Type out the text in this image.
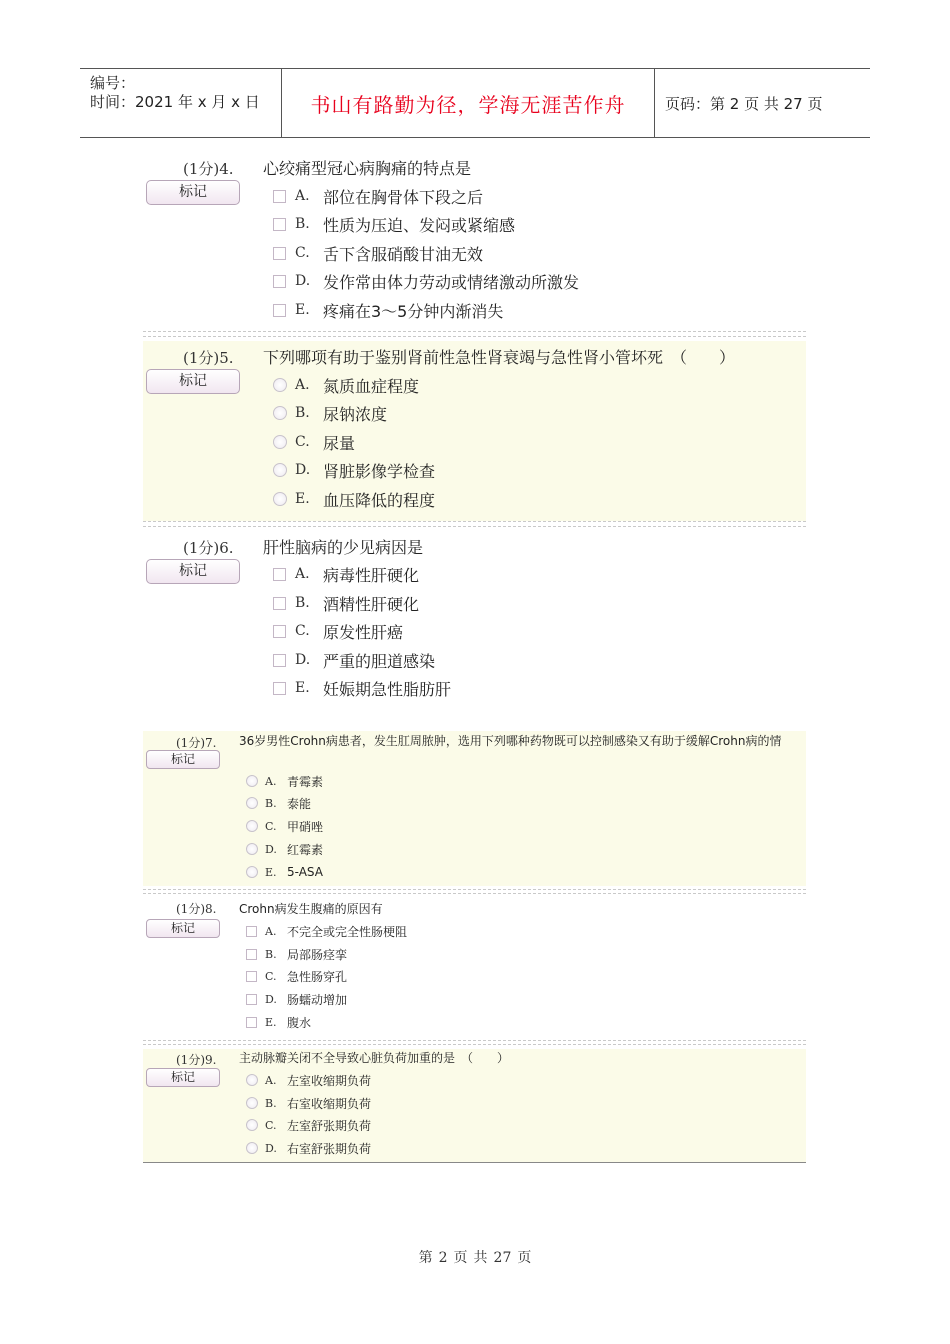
编号：
时间：2021 年 x 月 x 日	书山有路勤为径，学海无涯苦作舟	页码：第 2 页 共 27 页
(1分)4. 心绞痛型冠心病胸痛的特点是
标记	A. 部位在胸骨体下段之后
B. 性质为压迫、发闷或紧缩感
C. 舌下含服硝酸甘油无效
D. 发作常由体力劳动或情绪激动所激发
E. 疼痛在3～5分钟内渐消失
(1分)5. 下列哪项有助于鉴别肾前性急性肾衰竭与急性肾小管坏死　（　　）
标记	A. 氮质血症程度
B. 尿钠浓度
C. 尿量
D. 肾脏影像学检查
E. 血压降低的程度
(1分)6. 肝性脑病的少见病因是
标记	A. 病毒性肝硬化
B. 酒精性肝硬化
C. 原发性肝癌
D. 严重的胆道感染
E. 妊娠期急性脂肪肝
(1分)7. 36岁男性Crohn病患者，发生肛周脓肿，选用下列哪种药物既可以控制感染又有助于缓解Crohn病的情
标记
A. 青霉素
B. 泰能
C. 甲硝唑
D. 红霉素
E. 5-ASA
(1分)8. Crohn病发生腹痛的原因有
标记	A. 不完全或完全性肠梗阻
B. 局部肠痉挛
C. 急性肠穿孔
D. 肠蠕动增加
E. 腹水
(1分)9. 主动脉瓣关闭不全导致心脏负荷加重的是　（　　）
标记	A. 左室收缩期负荷
B. 右室收缩期负荷
C. 左室舒张期负荷
D. 右室舒张期负荷
第 2 页 共 27 页
